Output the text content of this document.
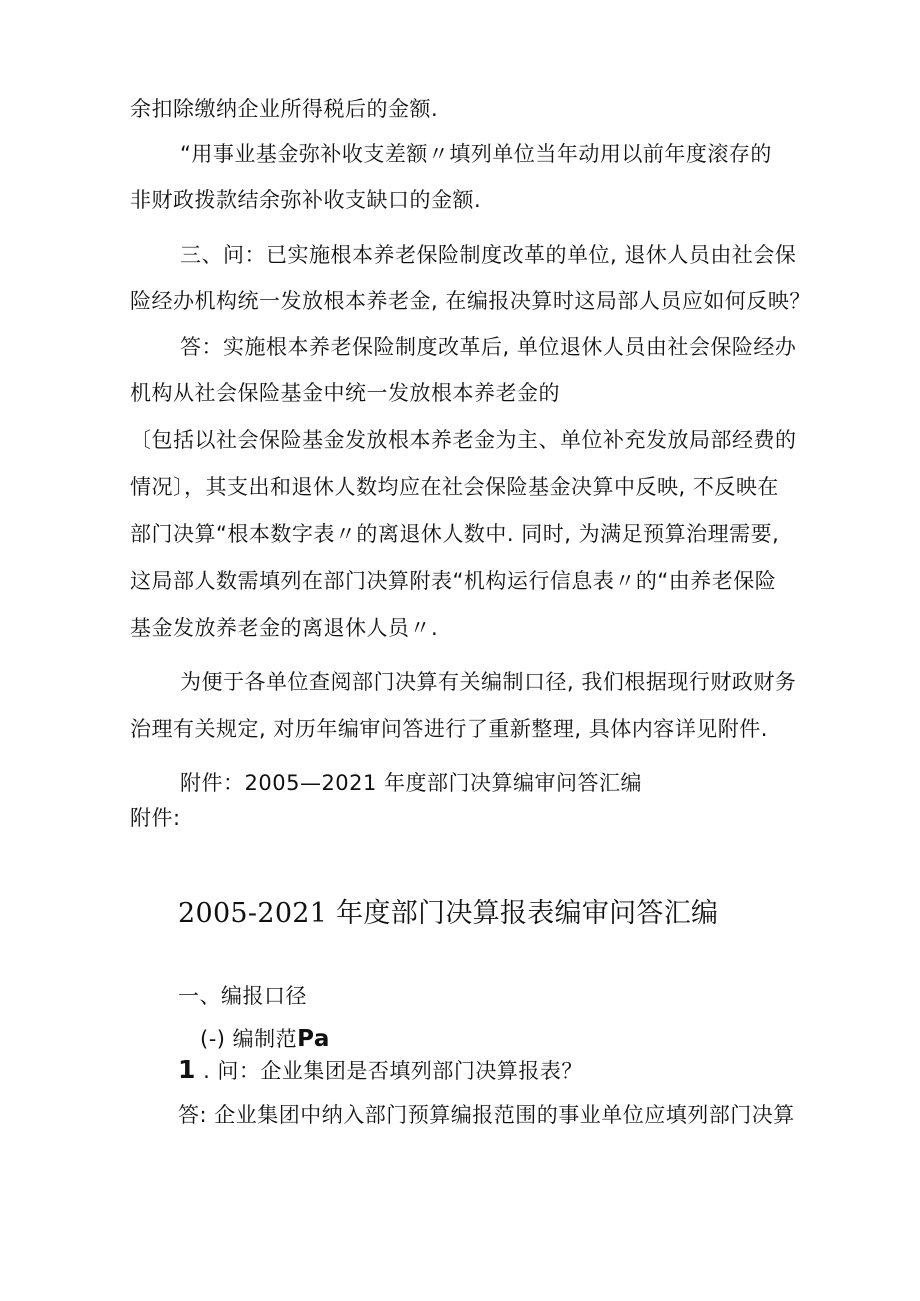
余扣除缴纳企业所得税后的金额.
“用事业基金弥补收支差额〃填列单位当年动用以前年度滚存的
非财政拨款结余弥补收支缺口的金额.
三、问：已实施根本养老保险制度改革的单位, 退休人员由社会保
险经办机构统一发放根本养老金, 在编报决算时这局部人员应如何反映？
答：实施根本养老保险制度改革后, 单位退休人员由社会保险经办
机构从社会保险基金中统一发放根本养老金的
〔包括以社会保险基金发放根本养老金为主、单位补充发放局部经费的
情况〕，其支出和退休人数均应在社会保险基金决算中反映, 不反映在
部门决算“根本数字表〃的离退休人数中. 同时, 为满足预算治理需要,
这局部人数需填列在部门决算附表“机构运行信息表〃的“由养老保险
基金发放养老金的离退休人员〃.
为便于各单位查阅部门决算有关编制口径, 我们根据现行财政财务
治理有关规定, 对历年编审问答进行了重新整理, 具体内容详见附件.
附件：2005—2021 年度部门决算编审问答汇编
附件:
2005-2021 年度部门决算报表编审问答汇编
一、编报口径
(-) 编制范Pa
1 . 问：企业集团是否填列部门决算报表？
答: 企业集团中纳入部门预算编报范围的事业单位应填列部门决算
